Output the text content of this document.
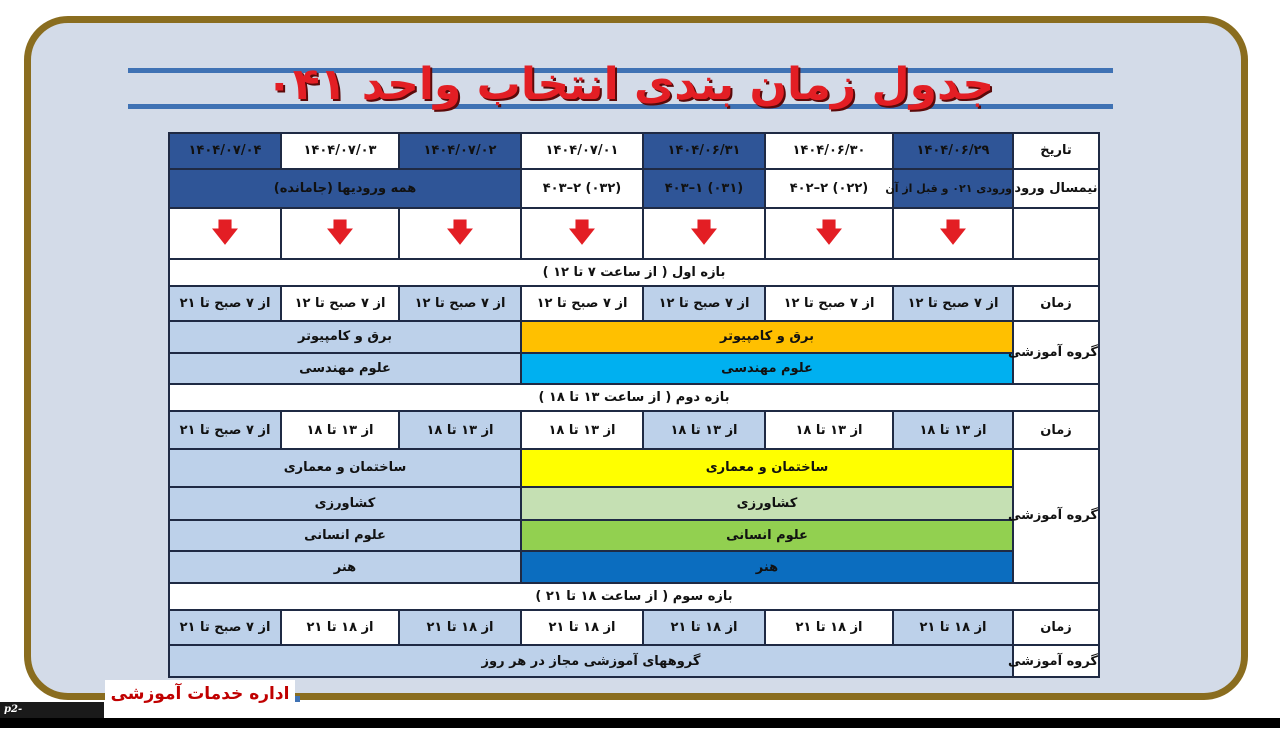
جدول زمان بندی انتخاب واحد ۰۴۱
تاریخ	۱۴۰۴/۰۶/۲۹	۱۴۰۴/۰۶/۳۰	۱۴۰۴/۰۶/۳۱	۱۴۰۴/۰۷/۰۱	۱۴۰۴/۰۷/۰۲	۱۴۰۴/۰۷/۰۳	۱۴۰۴/۰۷/۰۴
نیمسال ورود	ورودی ۰۲۱ و قبل از آن	(۰۲۲) ۲–۴۰۲	(۰۳۱) ۱–۴۰۳	(۰۳۲) ۲–۴۰۳	همه ورودیها (جامانده)		
	🡇	🡇	🡇	🡇	🡇	🡇	🡇
بازه اول ( از ساعت ۷ تا ۱۲ )							
زمان	از ۷ صبح تا ۱۲	از ۷ صبح تا ۱۲	از ۷ صبح تا ۱۲	از ۷ صبح تا ۱۲	از ۷ صبح تا ۱۲	از ۷ صبح تا ۱۲	از ۷ صبح تا ۲۱
گروه آموزشی	برق و کامپیوتر				برق و کامپیوتر		
	علوم مهندسی				علوم مهندسی		
بازه دوم ( از ساعت ۱۳ تا ۱۸ )							
زمان	از ۱۳ تا ۱۸	از ۱۳ تا ۱۸	از ۱۳ تا ۱۸	از ۱۳ تا ۱۸	از ۱۳ تا ۱۸	از ۱۳ تا ۱۸	از ۷ صبح تا ۲۱
گروه آموزشی	ساختمان و معماری				ساختمان و معماری		
	کشاورزی				کشاورزی		
	علوم انسانی				علوم انسانی		
	هنر				هنر		
بازه سوم ( از ساعت ۱۸ تا ۲۱ )							
زمان	از ۱۸ تا ۲۱	از ۱۸ تا ۲۱	از ۱۸ تا ۲۱	از ۱۸ تا ۲۱	از ۱۸ تا ۲۱	از ۱۸ تا ۲۱	از ۷ صبح تا ۲۱
گروه آموزشی	گروههای آموزشی مجاز در هر روز						
اداره خدمات آموزشی
p2-
